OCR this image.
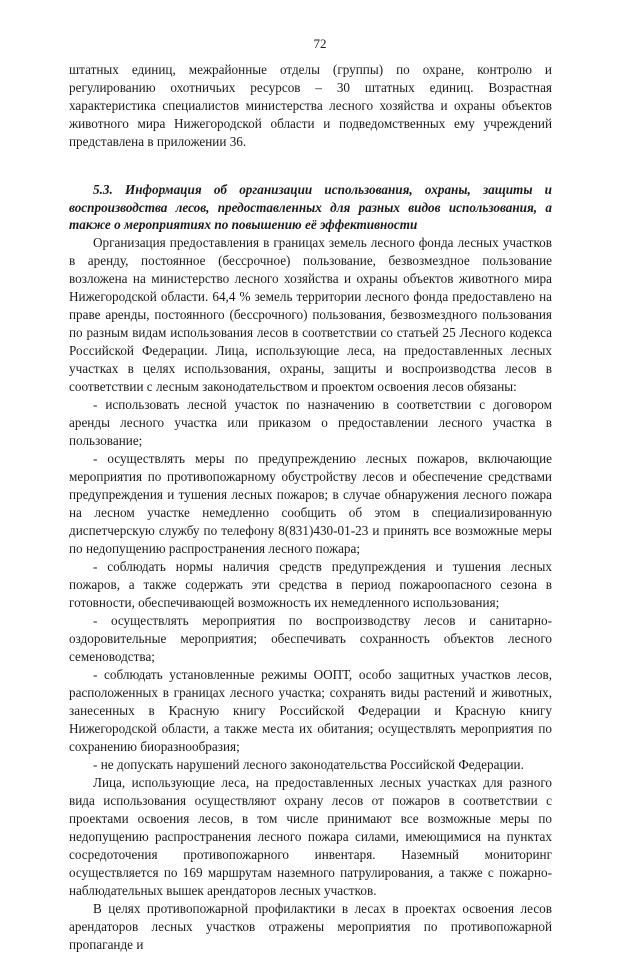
72

штатных единиц, межрайонные отделы (группы) по охране, контролю и регулированию охотничьих ресурсов – 30 штатных единиц. Возрастная характеристика специалистов министерства лесного хозяйства и охраны объектов животного мира Нижегородской области и подведомственных ему учреждений представлена в приложении 36.

5.3. Информация об организации использования, охраны, защиты и воспроизводства лесов, предоставленных для разных видов использования, а также о мероприятиях по повышению её эффективности

Организация предоставления в границах земель лесного фонда лесных участков в аренду, постоянное (бессрочное) пользование, безвозмездное пользование возложена на министерство лесного хозяйства и охраны объектов животного мира Нижегородской области. 64,4 % земель территории лесного фонда предоставлено на праве аренды, постоянного (бессрочного) пользования, безвозмездного пользования по разным видам использования лесов в соответствии со статьей 25 Лесного кодекса Российской Федерации. Лица, использующие леса, на предоставленных лесных участках в целях использования, охраны, защиты и воспроизводства лесов в соответствии с лесным законодательством и проектом освоения лесов обязаны:

- использовать лесной участок по назначению в соответствии с договором аренды лесного участка или приказом о предоставлении лесного участка в пользование;

- осуществлять меры по предупреждению лесных пожаров, включающие мероприятия по противопожарному обустройству лесов и обеспечение средствами предупреждения и тушения лесных пожаров; в случае обнаружения лесного пожара на лесном участке немедленно сообщить об этом в специализированную диспетчерскую службу по телефону 8(831)430-01-23 и принять все возможные меры по недопущению распространения лесного пожара;

- соблюдать нормы наличия средств предупреждения и тушения лесных пожаров, а также содержать эти средства в период пожароопасного сезона в готовности, обеспечивающей возможность их немедленного использования;

- осуществлять мероприятия по воспроизводству лесов и санитарно-оздоровительные мероприятия; обеспечивать сохранность объектов лесного семеноводства;

- соблюдать установленные режимы ООПТ, особо защитных участков лесов, расположенных в границах лесного участка; сохранять виды растений и животных, занесенных в Красную книгу Российской Федерации и Красную книгу Нижегородской области, а также места их обитания; осуществлять мероприятия по сохранению биоразнообразия;

- не допускать нарушений лесного законодательства Российской Федерации.

Лица, использующие леса, на предоставленных лесных участках для разного вида использования осуществляют охрану лесов от пожаров в соответствии с проектами освоения лесов, в том числе принимают все возможные меры по недопущению распространения лесного пожара силами, имеющимися на пунктах сосредоточения противопожарного инвентаря. Наземный мониторинг осуществляется по 169 маршрутам наземного патрулирования, а также с пожарно-наблюдательных вышек арендаторов лесных участков.

В целях противопожарной профилактики в лесах в проектах освоения лесов арендаторов лесных участков отражены мероприятия по противопожарной пропаганде и
